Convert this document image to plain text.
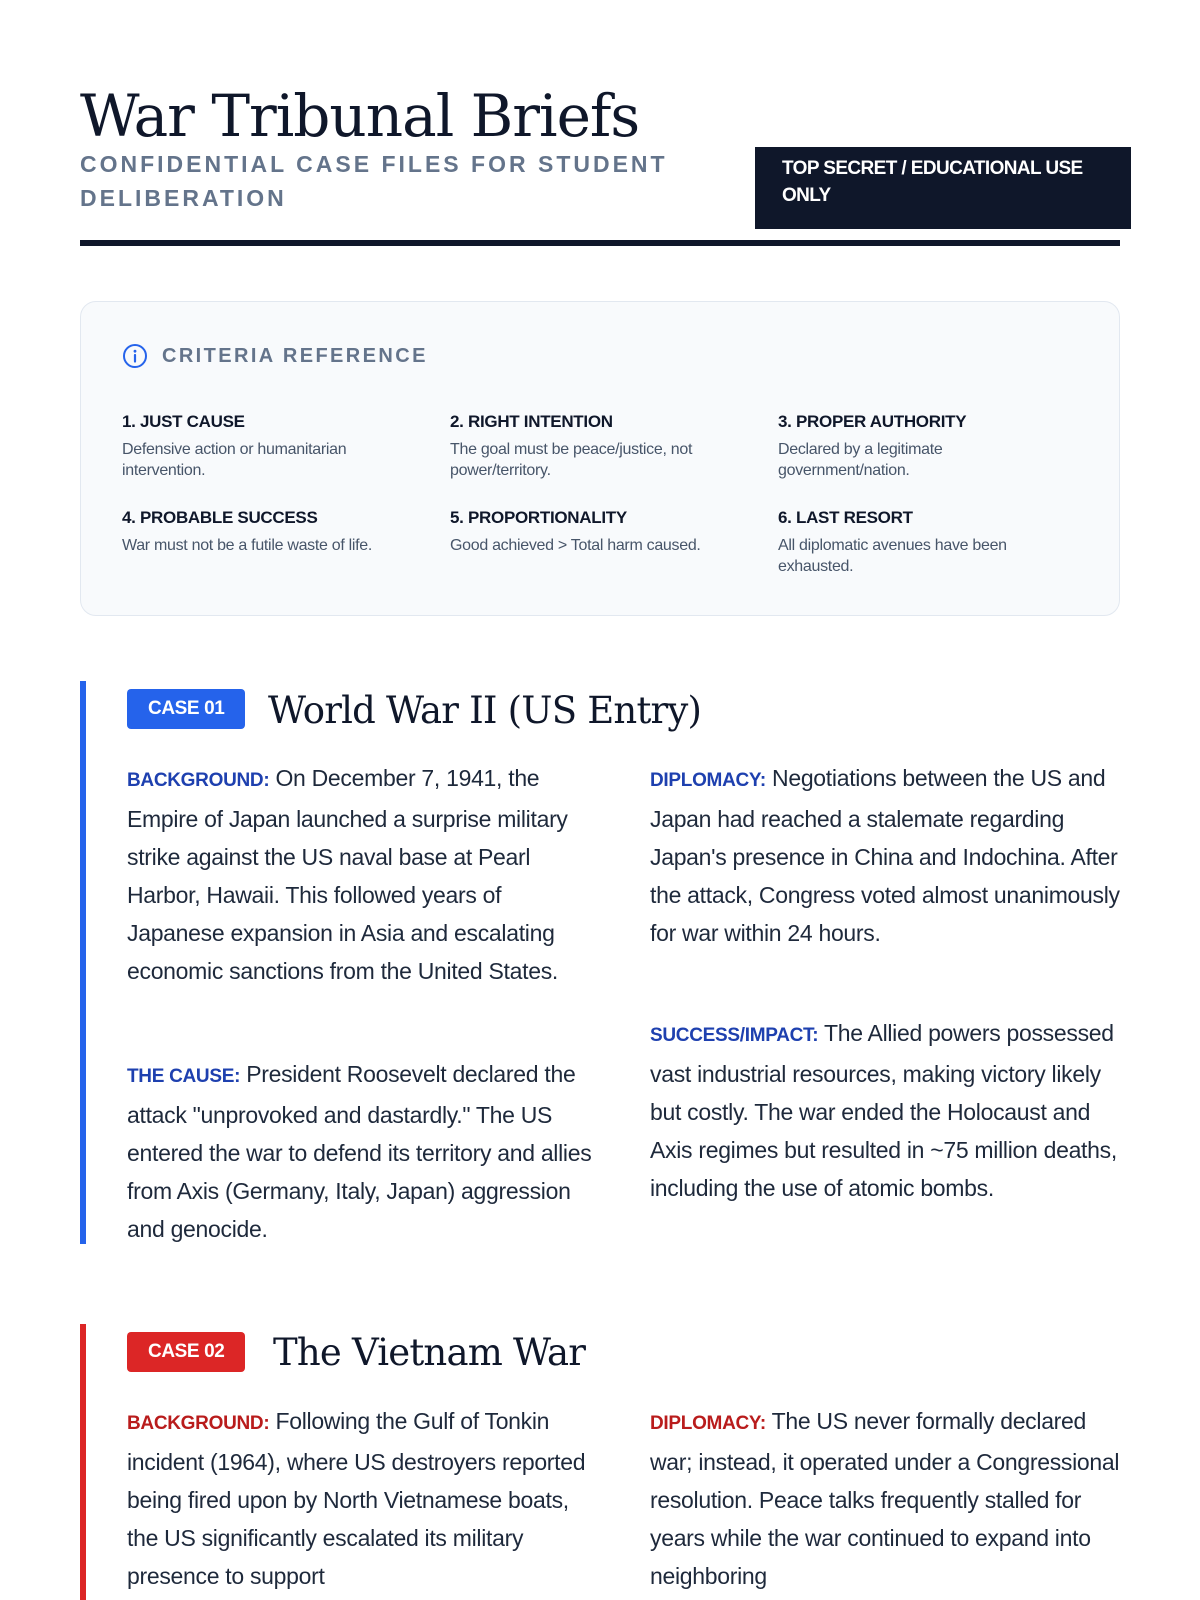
War Tribunal Briefs
CONFIDENTIAL CASE FILES FOR STUDENT DELIBERATION
TOP SECRET / EDUCATIONAL USE ONLY
CRITERIA REFERENCE
1. JUST CAUSE
Defensive action or humanitarian intervention.
2. RIGHT INTENTION
The goal must be peace/justice, not power/territory.
3. PROPER AUTHORITY
Declared by a legitimate government/nation.
4. PROBABLE SUCCESS
War must not be a futile waste of life.
5. PROPORTIONALITY
Good achieved > Total harm caused.
6. LAST RESORT
All diplomatic avenues have been exhausted.
CASE 01	World War II (US Entry)
BACKGROUND: On December 7, 1941, the Empire of Japan launched a surprise military strike against the US naval base at Pearl Harbor, Hawaii. This followed years of Japanese expansion in Asia and escalating economic sanctions from the United States.
THE CAUSE: President Roosevelt declared the attack "unprovoked and dastardly." The US entered the war to defend its territory and allies from Axis (Germany, Italy, Japan) aggression and genocide.
DIPLOMACY: Negotiations between the US and Japan had reached a stalemate regarding Japan's presence in China and Indochina. After the attack, Congress voted almost unanimously for war within 24 hours.
SUCCESS/IMPACT: The Allied powers possessed vast industrial resources, making victory likely but costly. The war ended the Holocaust and Axis regimes but resulted in ~75 million deaths, including the use of atomic bombs.
CASE 02	The Vietnam War
BACKGROUND: Following the Gulf of Tonkin incident (1964), where US destroyers reported being fired upon by North Vietnamese boats, the US significantly escalated its military presence to support
DIPLOMACY: The US never formally declared war; instead, it operated under a Congressional resolution. Peace talks frequently stalled for years while the war continued to expand into neighboring
